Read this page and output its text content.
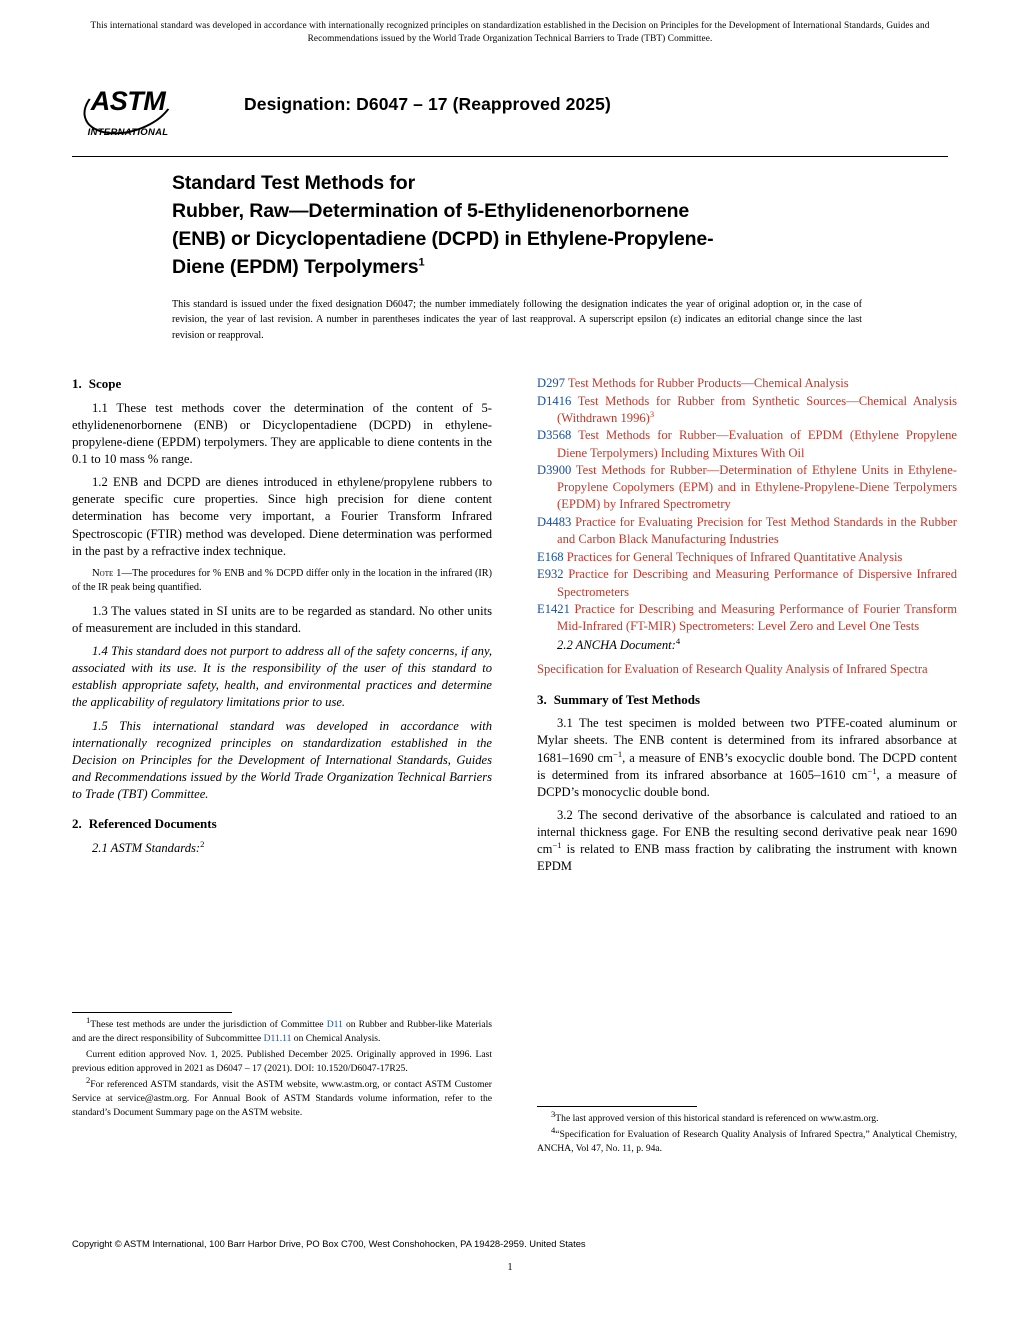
This international standard was developed in accordance with internationally recognized principles on standardization established in the Decision on Principles for the Development of International Standards, Guides and Recommendations issued by the World Trade Organization Technical Barriers to Trade (TBT) Committee.
ASTM
INTERNATIONAL
Designation: D6047 – 17 (Reapproved 2025)
Standard Test Methods for
Rubber, Raw—Determination of 5-Ethylidenenorbornene
(ENB) or Dicyclopentadiene (DCPD) in Ethylene-Propylene-
Diene (EPDM) Terpolymers$^1$
This standard is issued under the fixed designation D6047; the number immediately following the designation indicates the year of original adoption or, in the case of revision, the year of last revision. A number in parentheses indicates the year of last reapproval. A superscript epsilon (ε) indicates an editorial change since the last revision or reapproval.
1. Scope

1.1 These test methods cover the determination of the content of 5-ethylidenenorbornene (ENB) or Dicyclopentadiene (DCPD) in ethylene-propylene-diene (EPDM) terpolymers. They are applicable to diene contents in the 0.1 to 10 mass % range.

1.2 ENB and DCPD are dienes introduced in ethylene/propylene rubbers to generate specific cure properties. Since high precision for diene content determination has become very important, a Fourier Transform Infrared Spectroscopic (FTIR) method was developed. Diene determination was performed in the past by a refractive index technique.

Note 1—The procedures for % ENB and % DCPD differ only in the location in the infrared (IR) of the IR peak being quantified.

1.3 The values stated in SI units are to be regarded as standard. No other units of measurement are included in this standard.

1.4 This standard does not purport to address all of the safety concerns, if any, associated with its use. It is the responsibility of the user of this standard to establish appropriate safety, health, and environmental practices and determine the applicability of regulatory limitations prior to use.

1.5 This international standard was developed in accordance with internationally recognized principles on standardization established in the Decision on Principles for the Development of International Standards, Guides and Recommendations issued by the World Trade Organization Technical Barriers to Trade (TBT) Committee.

2. Referenced Documents

2.1 ASTM Standards:$^2$

D297 Test Methods for Rubber Products—Chemical Analysis

D1416 Test Methods for Rubber from Synthetic Sources—Chemical Analysis (Withdrawn 1996)$^3$

D3568 Test Methods for Rubber—Evaluation of EPDM (Ethylene Propylene Diene Terpolymers) Including Mixtures With Oil

D3900 Test Methods for Rubber—Determination of Ethylene Units in Ethylene-Propylene Copolymers (EPM) and in Ethylene-Propylene-Diene Terpolymers (EPDM) by Infrared Spectrometry

D4483 Practice for Evaluating Precision for Test Method Standards in the Rubber and Carbon Black Manufacturing Industries

E168 Practices for General Techniques of Infrared Quantitative Analysis

E932 Practice for Describing and Measuring Performance of Dispersive Infrared Spectrometers

E1421 Practice for Describing and Measuring Performance of Fourier Transform Mid-Infrared (FT-MIR) Spectrometers: Level Zero and Level One Tests

2.2 ANCHA Document:$^4$

Specification for Evaluation of Research Quality Analysis of Infrared Spectra

3. Summary of Test Methods

3.1 The test specimen is molded between two PTFE-coated aluminum or Mylar sheets. The ENB content is determined from its infrared absorbance at 1681–1690 $cm^{-1}$, a measure of ENB’s exocyclic double bond. The DCPD content is determined from its infrared absorbance at 1605–1610 $cm^{-1}$, a measure of DCPD’s monocyclic double bond.

3.2 The second derivative of the absorbance is calculated and ratioed to an internal thickness gage. For ENB the resulting second derivative peak near 1690 $cm^{-1}$ is related to ENB mass fraction by calibrating the instrument with known EPDM

$^1$These test methods are under the jurisdiction of Committee D11 on Rubber and Rubber-like Materials and are the direct responsibility of Subcommittee D11.11 on Chemical Analysis.

Current edition approved Nov. 1, 2025. Published December 2025. Originally approved in 1996. Last previous edition approved in 2021 as D6047 – 17 (2021). DOI: 10.1520/D6047-17R25.

$^2$For referenced ASTM standards, visit the ASTM website, www.astm.org, or contact ASTM Customer Service at service@astm.org. For Annual Book of ASTM Standards volume information, refer to the standard’s Document Summary page on the ASTM website.	$^3$The last approved version of this historical standard is referenced on www.astm.org.

$^4$“Specification for Evaluation of Research Quality Analysis of Infrared Spectra,” Analytical Chemistry, ANCHA, Vol 47, No. 11, p. 94a.

Copyright © ASTM International, 100 Barr Harbor Drive, PO Box C700, West Conshohocken, PA 19428-2959. United States
1
